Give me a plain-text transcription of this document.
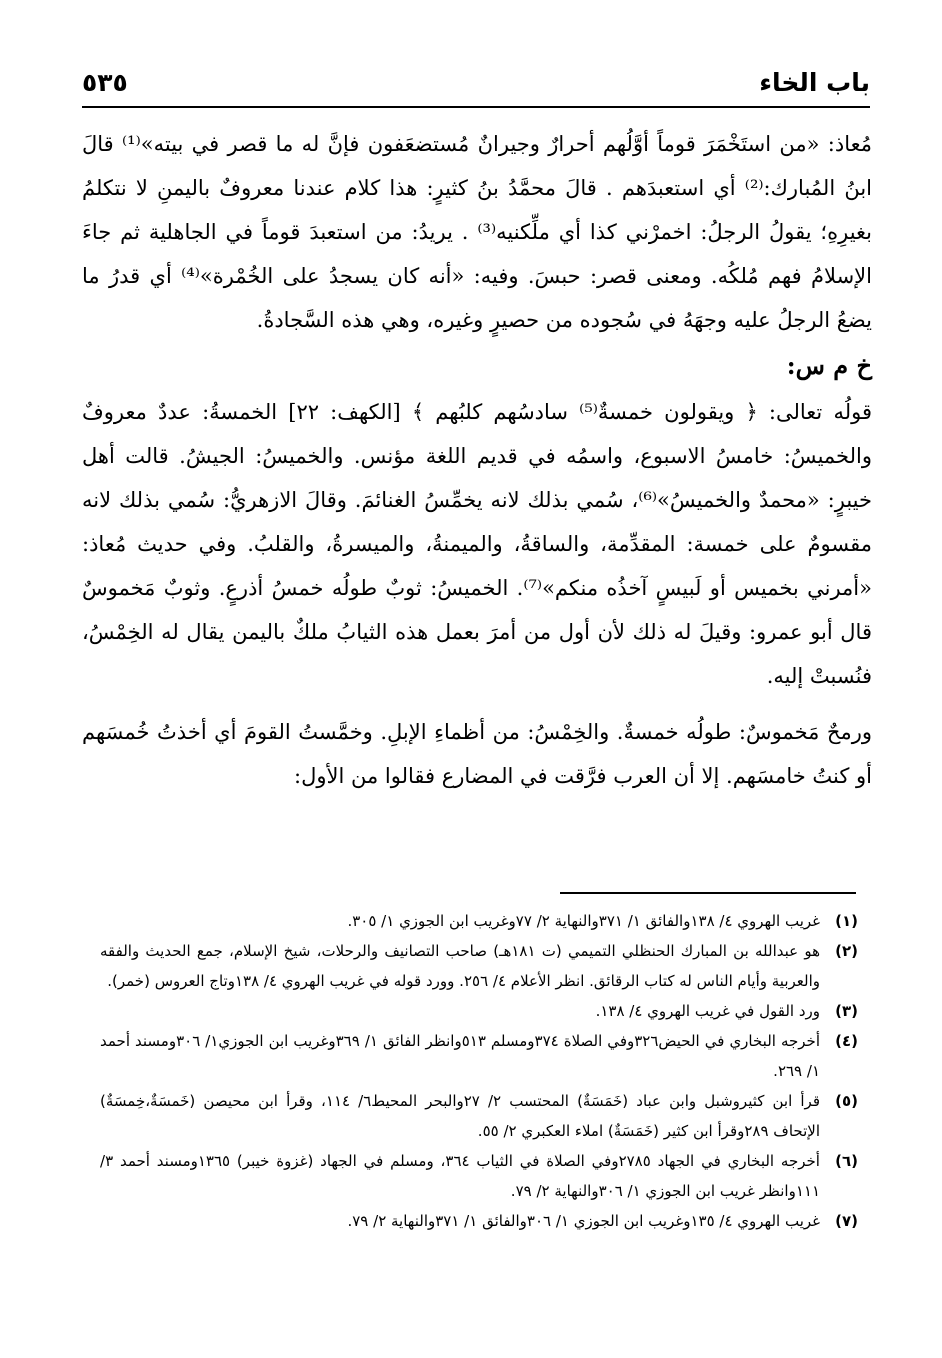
باب الخاء
٥٣٥

مُعاذ: «من استَخْمَرَ قوماً أوَّلُهم أحرارٌ وجيرانٌ مُستضعَفون فإنَّ له ما قصر في بيته»⁽¹⁾ قالَ ابنُ المُبارك:⁽²⁾ أي استعبدَهم . قالَ محمَّدُ بنُ كثيرٍ: هذا كلام عندنا معروفٌ باليمنِ لا نتكلمُ بغيرِهِ؛ يقولُ الرجلُ: اخمرْني كذا أي ملِّكنيه⁽³⁾ . يريدُ: من استعبدَ قوماً في الجاهلية ثم جاءَ الإسلامُ فهم مُلكُه. ومعنى قصر: حبسَ. وفيه: «أنه كان يسجدُ على الخُمْرة»⁽⁴⁾ أي قدرُ ما يضعُ الرجلُ عليه وجهَهُ في سُجوده من حصيرٍ وغيره، وهي هذه السَّجادةُ.

خ م س:

قولُه تعالى: ﴿ ويقولون خمسةٌ⁽⁵⁾ سادسُهم كلبُهم ﴾ [الكهف: ٢٢] الخمسةُ: عددٌ معروفٌ والخميسُ: خامسُ الاسبوع، واسمُه في قديم اللغة مؤنس. والخميسُ: الجيشُ. قالت أهل خيبرٍ: «محمدٌ والخميسُ»⁽⁶⁾، سُمي بذلك لانه يخمِّسُ الغنائمَ. وقالَ الازهريُّ: سُمي بذلك لانه مقسومٌ على خمسة: المقدِّمة، والساقةُ، والميمنةُ، والميسرةُ، والقلبُ. وفي حديث مُعاذ: «أمرني بخميس أو لَبيسٍ آخذُه منكم»⁽⁷⁾. الخميسُ: ثوبٌ طولُه خمسُ أذرعٍ. وثوبٌ مَخموسٌ قال أبو عمرو: وقيلَ له ذلك لأن أول من أمرَ بعمل هذه الثيابُ ملكٌ باليمن يقال له الخِمْسُ، فنُسبتْ إليه.

ورمحٌ مَخموسٌ: طولُه خمسةٌ. والخِمْسُ: من أظماءِ الإبلِ. وخمَّستُ القومَ أي أخذتُ خُمسَهم أو كنتُ خامسَهم. إلا أن العرب فرَّقت في المضارع فقالوا من الأول:

(١)
غريب الهروي ٤/ ١٣٨والفائق ١/ ٣٧١والنهاية ٢/ ٧٧وغريب ابن الجوزي ١/ ٣٠٥.
(٢)
هو عبدالله بن المبارك الحنظلي التميمي (ت ١٨١هـ) صاحب التصانيف والرحلات، شيخ الإسلام، جمع الحديث والفقه والعربية وأيام الناس له كتاب الرقائق. انظر الأعلام ٤/ ٢٥٦. وورد قوله في غريب الهروي ٤/ ١٣٨وتاج العروس (خمر).
(٣)
ورد القول في غريب الهروي ٤/ ١٣٨.
(٤)
أخرجه البخاري في الحيض٣٢٦وفي الصلاة ٣٧٤ومسلم ٥١٣وانظر الفائق ١/ ٣٦٩وغريب ابن الجوزي١/ ٣٠٦ومسند أحمد ١/ ٢٦٩.
(٥)
قرأ ابن كثيروشبل وابن عباد (خَمَسَةٌ) المحتسب ٢/ ٢٧والبحر المحيط٦/ ١١٤، وقرأ ابن محيصن (خَمسَةٌ،خِمسَةٌ) الإتحاف ٢٨٩وقرأ ابن كثير (خَمَسَةٌ) املاء العكبري ٢/ ٥٥.
(٦)
أخرجه البخاري في الجهاد ٢٧٨٥وفي الصلاة في الثياب ٣٦٤، ومسلم في الجهاد (غزوة خيبر) ١٣٦٥ومسند أحمد ٣/ ١١١وانظر غريب ابن الجوزي ١/ ٣٠٦والنهاية ٢/ ٧٩.
(٧)
غريب الهروي ٤/ ١٣٥وغريب ابن الجوزي ١/ ٣٠٦والفائق ١/ ٣٧١والنهاية ٢/ ٧٩.
